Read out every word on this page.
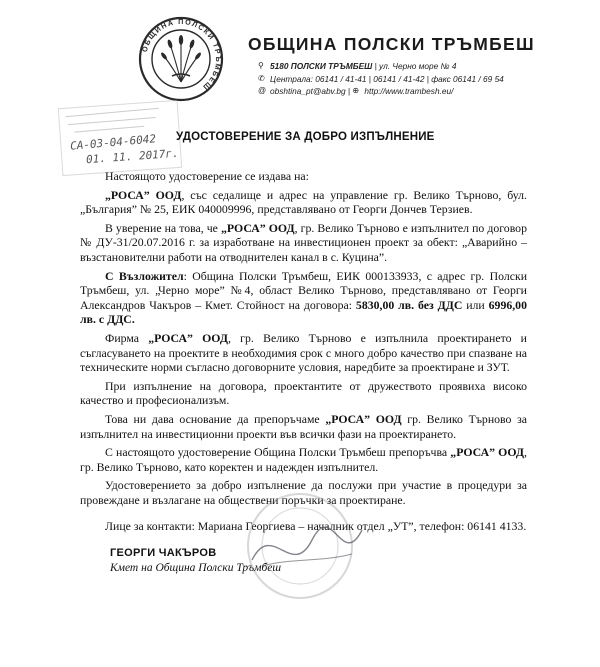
ОБЩИНА ПОЛСКИ ТРЪМБЕШ
ОБЩИНА ПОЛСКИ ТРЪМБЕШ
⚲ 5180 ПОЛСКИ ТРЪМБЕШ | ул. Черно море № 4
✆ Централа: 06141 / 41-41 | 06141 / 41-42 | факс 06141 / 69 54
@ obshtina_pt@abv.bg | ⊕ http://www.trambesh.eu/
СА-03-04-6042
01. 11. 2017г.
УДОСТОВЕРЕНИЕ ЗА ДОБРО ИЗПЪЛНЕНИЕ

Настоящото удостоверение се издава на:

„РОСА” ООД, със седалище и адрес на управление гр. Велико Търново, бул. „България” № 25, ЕИК 040009996, представлявано от Георги Дончев Терзиев.

В уверение на това, че „РОСА” ООД, гр. Велико Търново е изпълнител по договор № ДУ-31/20.07.2016 г. за изработване на инвестиционен проект за обект: „Аварийно – възстановителни работи на отводнителен канал в с. Куцина”.

С Възложител: Община Полски Тръмбеш, ЕИК 000133933, с адрес гр. Полски Тръмбеш, ул. „Черно море” №4, област Велико Търново, представлявано от Георги Александров Чакъров – Кмет. Стойност на договора: 5830,00 лв. без ДДС или 6996,00 лв. с ДДС.

Фирма „РОСА” ООД, гр. Велико Търново е изпълнила проектирането и съгласуването на проектите в необходимия срок с много добро качество при спазване на техническите норми съгласно договорните условия, наредбите за проектиране и ЗУТ.

При изпълнение на договора, проектантите от дружеството проявиха високо качество и професионализъм.

Това ни дава основание да препоръчаме „РОСА” ООД гр. Велико Търново за изпълнител на инвестиционни проекти във всички фази на проектирането.

С настоящото удостоверение Община Полски Тръмбеш препоръчва „РОСА” ООД, гр. Велико Търново, като коректен и надежден изпълнител.

Удостоверението за добро изпълнение да послужи при участие в процедури за провеждане и възлагане на обществени поръчки за проектиране.

Лице за контакти: Мариана Георгиева – началник отдел „УТ”, телефон: 06141 4133.

ГЕОРГИ ЧАКЪРОВ
Кмет на Община Полски Тръмбеш
